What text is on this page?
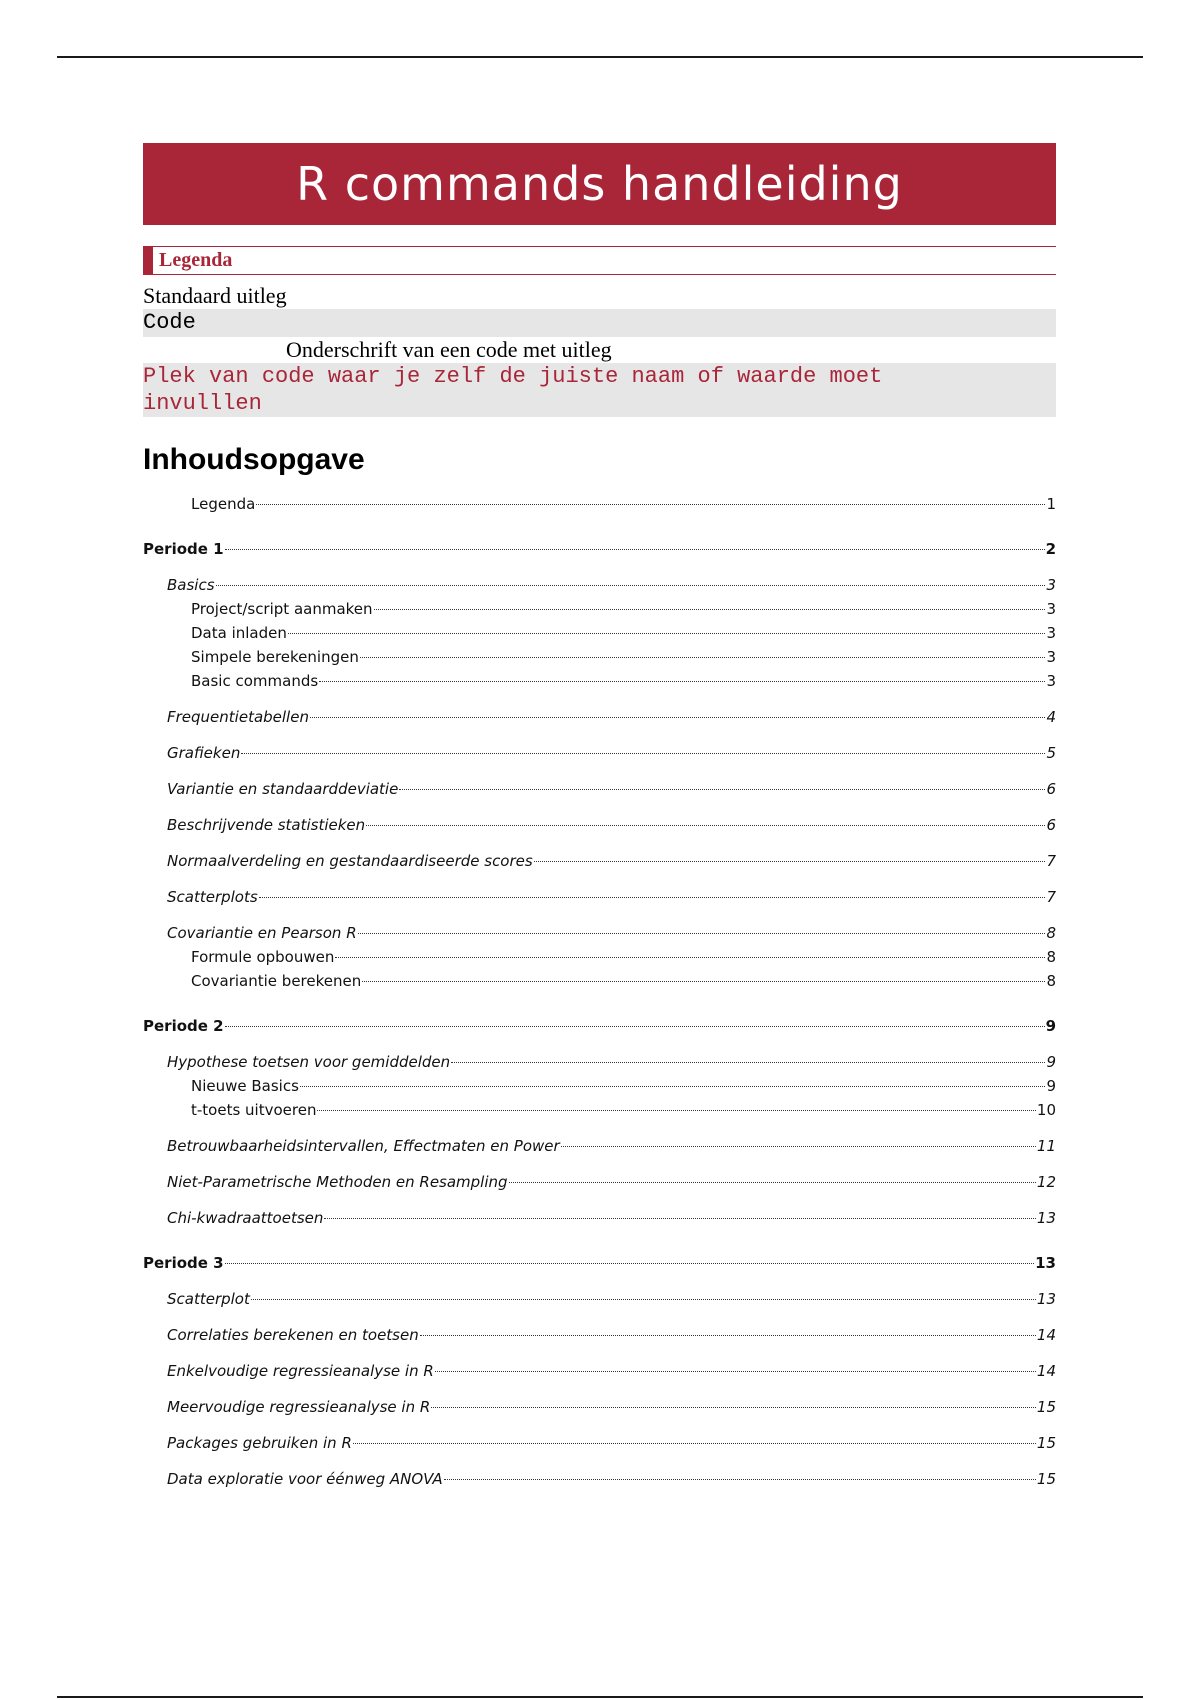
R commands handleiding
Legenda
Standaard uitleg
Code
Onderschrift van een code met uitleg
Plek van code waar je zelf de juiste naam of waarde moet invulllen
Inhoudsopgave
Legenda	1
Periode 1	2
Basics	3
Project/script aanmaken	3
Data inladen	3
Simpele berekeningen	3
Basic commands	3
Frequentietabellen	4
Grafieken	5
Variantie en standaarddeviatie	6
Beschrijvende statistieken	6
Normaalverdeling en gestandaardiseerde scores	7
Scatterplots	7
Covariantie en Pearson R	8
Formule opbouwen	8
Covariantie berekenen	8
Periode 2	9
Hypothese toetsen voor gemiddelden	9
Nieuwe Basics	9
t-toets uitvoeren	10
Betrouwbaarheidsintervallen, Effectmaten en Power	11
Niet-Parametrische Methoden en Resampling	12
Chi-kwadraattoetsen	13
Periode 3	13
Scatterplot	13
Correlaties berekenen en toetsen	14
Enkelvoudige regressieanalyse in R	14
Meervoudige regressieanalyse in R	15
Packages gebruiken in R	15
Data exploratie voor éénweg ANOVA	15
